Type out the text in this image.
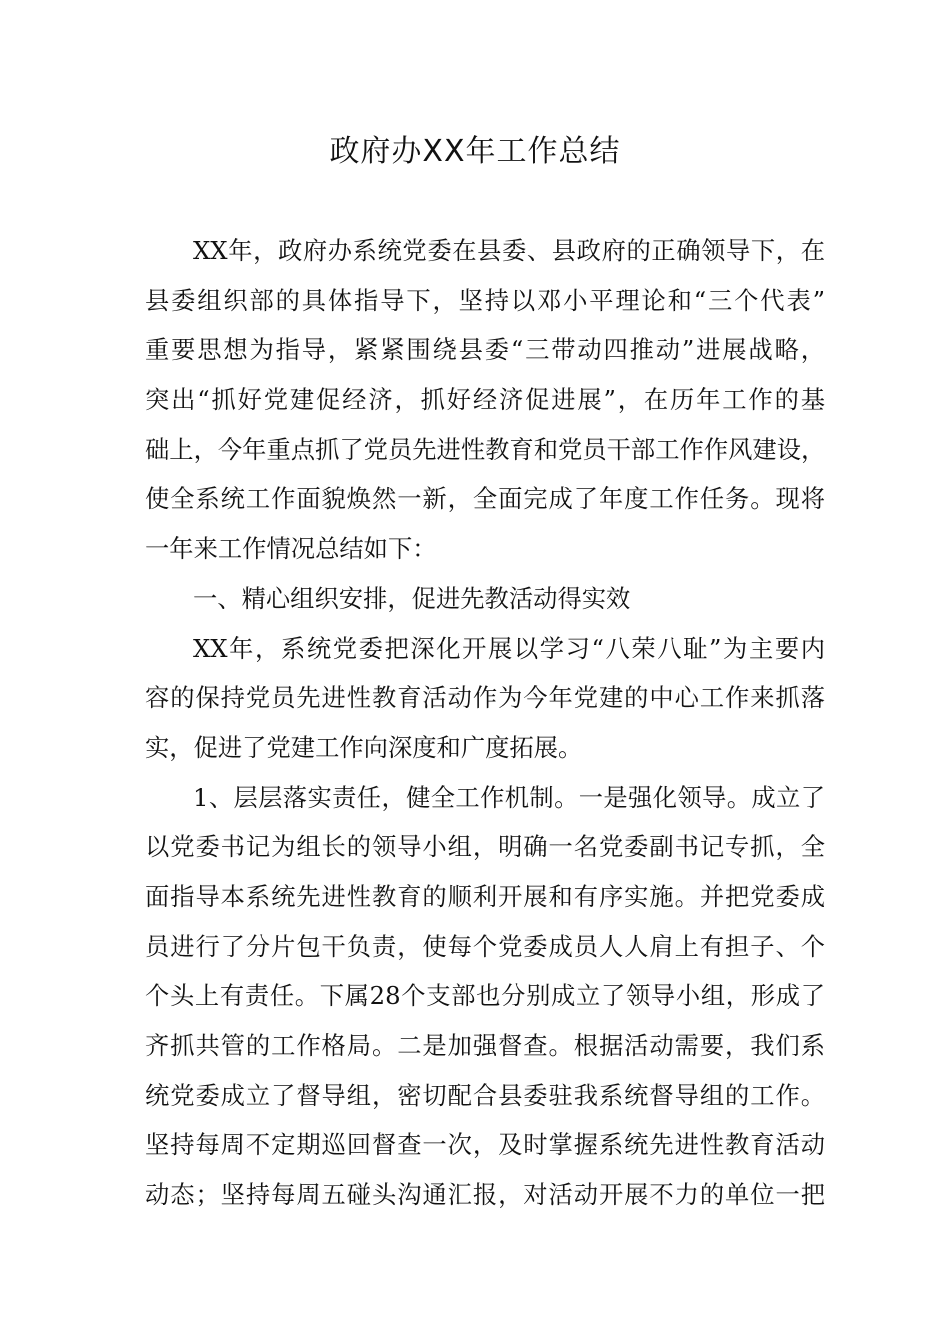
政府办XX年工作总结
XX年，政府办系统党委在县委、县政府的正确领导下，在
县委组织部的具体指导下，坚持以邓小平理论和“三个代表”
重要思想为指导，紧紧围绕县委“三带动四推动”进展战略，
突出“抓好党建促经济，抓好经济促进展”，在历年工作的基
础上，今年重点抓了党员先进性教育和党员干部工作作风建设，
使全系统工作面貌焕然一新，全面完成了年度工作任务。现将
一年来工作情况总结如下：
一、精心组织安排，促进先教活动得实效
XX年，系统党委把深化开展以学习“八荣八耻”为主要内
容的保持党员先进性教育活动作为今年党建的中心工作来抓落
实，促进了党建工作向深度和广度拓展。
1、层层落实责任，健全工作机制。一是强化领导。成立了
以党委书记为组长的领导小组，明确一名党委副书记专抓，全
面指导本系统先进性教育的顺利开展和有序实施。并把党委成
员进行了分片包干负责，使每个党委成员人人肩上有担子、个
个头上有责任。下属28个支部也分别成立了领导小组，形成了
齐抓共管的工作格局。二是加强督查。根据活动需要，我们系
统党委成立了督导组，密切配合县委驻我系统督导组的工作。
坚持每周不定期巡回督查一次，及时掌握系统先进性教育活动
动态；坚持每周五碰头沟通汇报，对活动开展不力的单位一把
